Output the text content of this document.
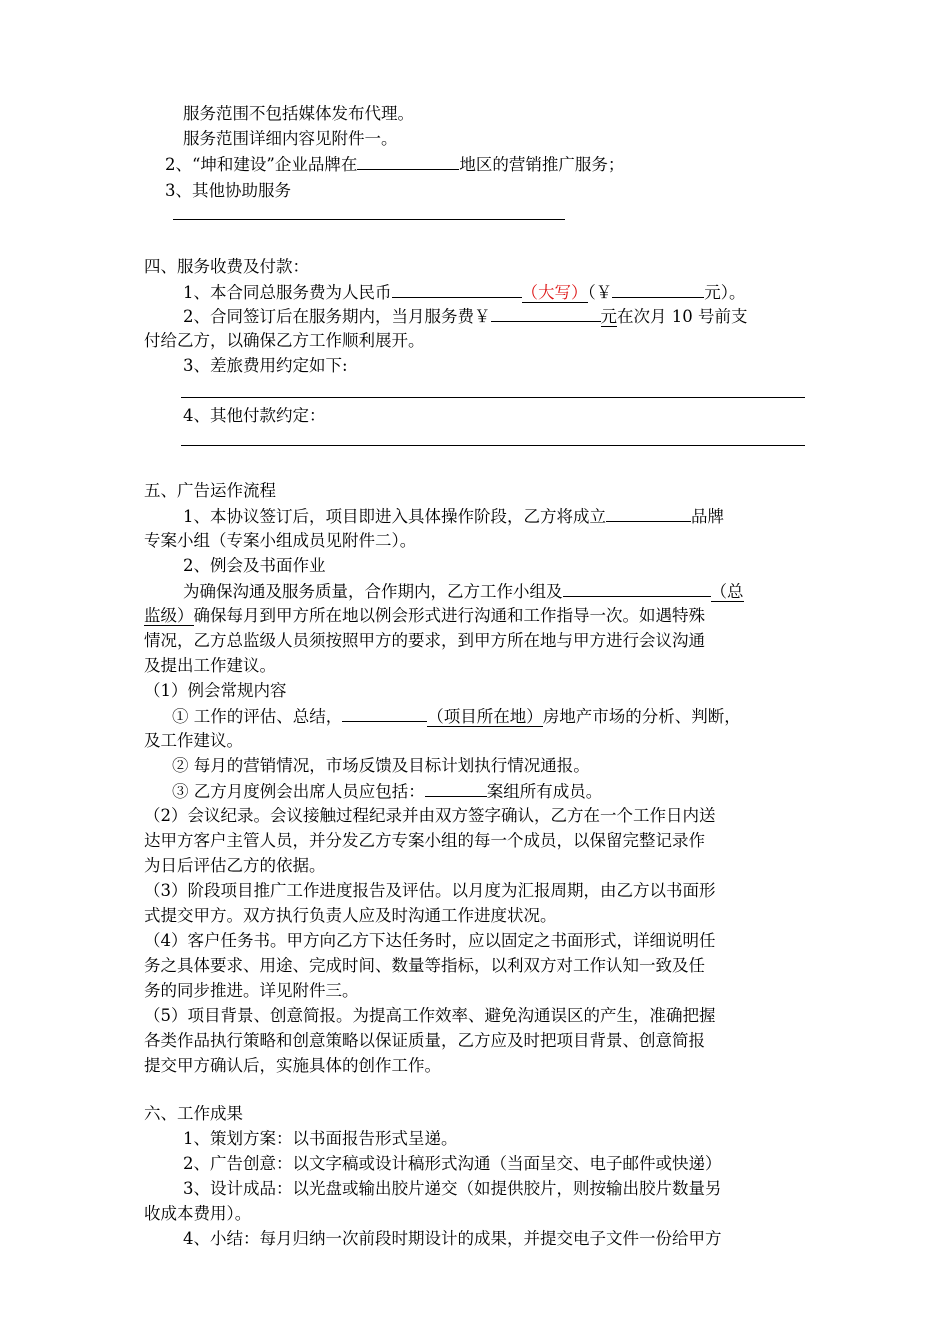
服务范围不包括媒体发布代理。
服务范围详细内容见附件一。
2、“坤和建设”企业品牌在	地区的营销推广服务；
3、其他协助服务
四、服务收费及付款：
1、本合同总服务费为人民币	（大写）（￥	元）。
2、合同签订后在服务期内，当月服务费￥	元在次月 10 号前支
付给乙方，以确保乙方工作顺利展开。
3、差旅费用约定如下:
4、其他付款约定：
五、广告运作流程
1、本协议签订后，项目即进入具体操作阶段，乙方将成立	品牌
专案小组（专案小组成员见附件二）。
2、例会及书面作业
为确保沟通及服务质量，合作期内，乙方工作小组及	（总
监级）确保每月到甲方所在地以例会形式进行沟通和工作指导一次。如遇特殊
情况，乙方总监级人员须按照甲方的要求，到甲方所在地与甲方进行会议沟通
及提出工作建议。
（1）例会常规内容
① 工作的评估、总结，	（项目所在地）房地产市场的分析、判断，
及工作建议。
② 每月的营销情况，市场反馈及目标计划执行情况通报。
③ 乙方月度例会出席人员应包括：	案组所有成员。
（2）会议纪录。会议接触过程纪录并由双方签字确认，乙方在一个工作日内送
达甲方客户主管人员，并分发乙方专案小组的每一个成员，以保留完整记录作
为日后评估乙方的依据。
（3）阶段项目推广工作进度报告及评估。以月度为汇报周期，由乙方以书面形
式提交甲方。双方执行负责人应及时沟通工作进度状况。
（4）客户任务书。甲方向乙方下达任务时，应以固定之书面形式，详细说明任
务之具体要求、用途、完成时间、数量等指标，以利双方对工作认知一致及任
务的同步推进。详见附件三。
（5）项目背景、创意简报。为提高工作效率、避免沟通误区的产生，准确把握
各类作品执行策略和创意策略以保证质量，乙方应及时把项目背景、创意简报
提交甲方确认后，实施具体的创作工作。
六、工作成果
1、策划方案：以书面报告形式呈递。
2、广告创意：以文字稿或设计稿形式沟通（当面呈交、电子邮件或快递）
3、设计成品：以光盘或输出胶片递交（如提供胶片，则按输出胶片数量另
收成本费用）。
4、小结：每月归纳一次前段时期设计的成果，并提交电子文件一份给甲方
